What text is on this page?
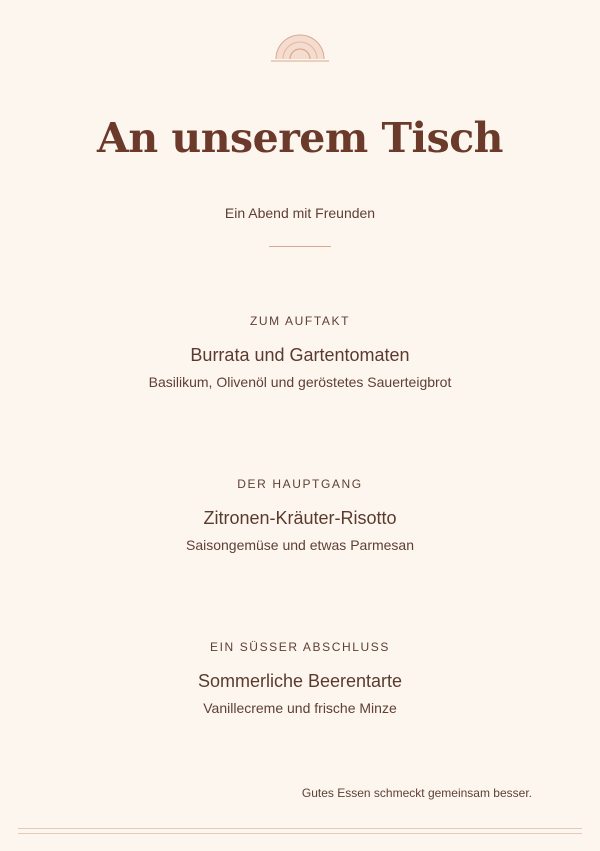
An unserem Tisch
Ein Abend mit Freunden
ZUM AUFTAKT
Burrata und Gartentomaten
Basilikum, Olivenöl und geröstetes Sauerteigbrot
DER HAUPTGANG
Zitronen-Kräuter-Risotto
Saisongemüse und etwas Parmesan
EIN SÜSSER ABSCHLUSS
Sommerliche Beerentarte
Vanillecreme und frische Minze
Gutes Essen schmeckt gemeinsam besser.
